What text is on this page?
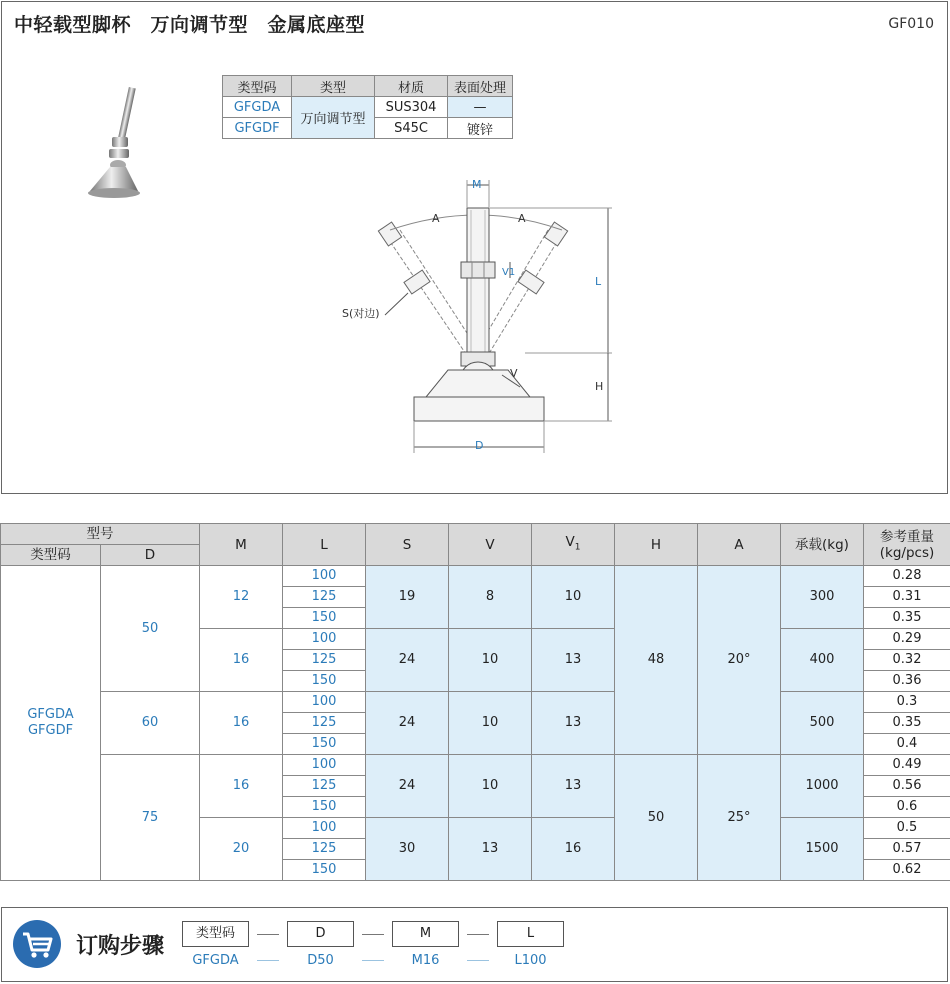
中轻载型脚杯　万向调节型　金属底座型	GF010
类型码	类型	材质	表面处理
GFGDA	万向调节型	SUS304	—
GFGDF		S45C	镀锌
A	A
M
V1
L
H
S(对边)
V
D
型号		M	L	S	V	$V_1$	H	A	承载(kg)	参考重量
(kg/pcs)
类型码	D									
GFGDA
GFGDF	50	12	100	19	8	10	48	20°	300	0.28
			125							0.31
			150							0.35
		16	100	24	10	13			400	0.29
			125							0.32
			150							0.36
	60	16	100	24	10	13			500	0.3
			125							0.35
			150							0.4
	75	16	100	24	10	13	50	25°	1000	0.49
			125							0.56
			150							0.6
		20	100	30	13	16			1500	0.5
			125							0.57
			150							0.62
订购步骤
类型码	D	M	L
GFGDA	D50	M16	L100
